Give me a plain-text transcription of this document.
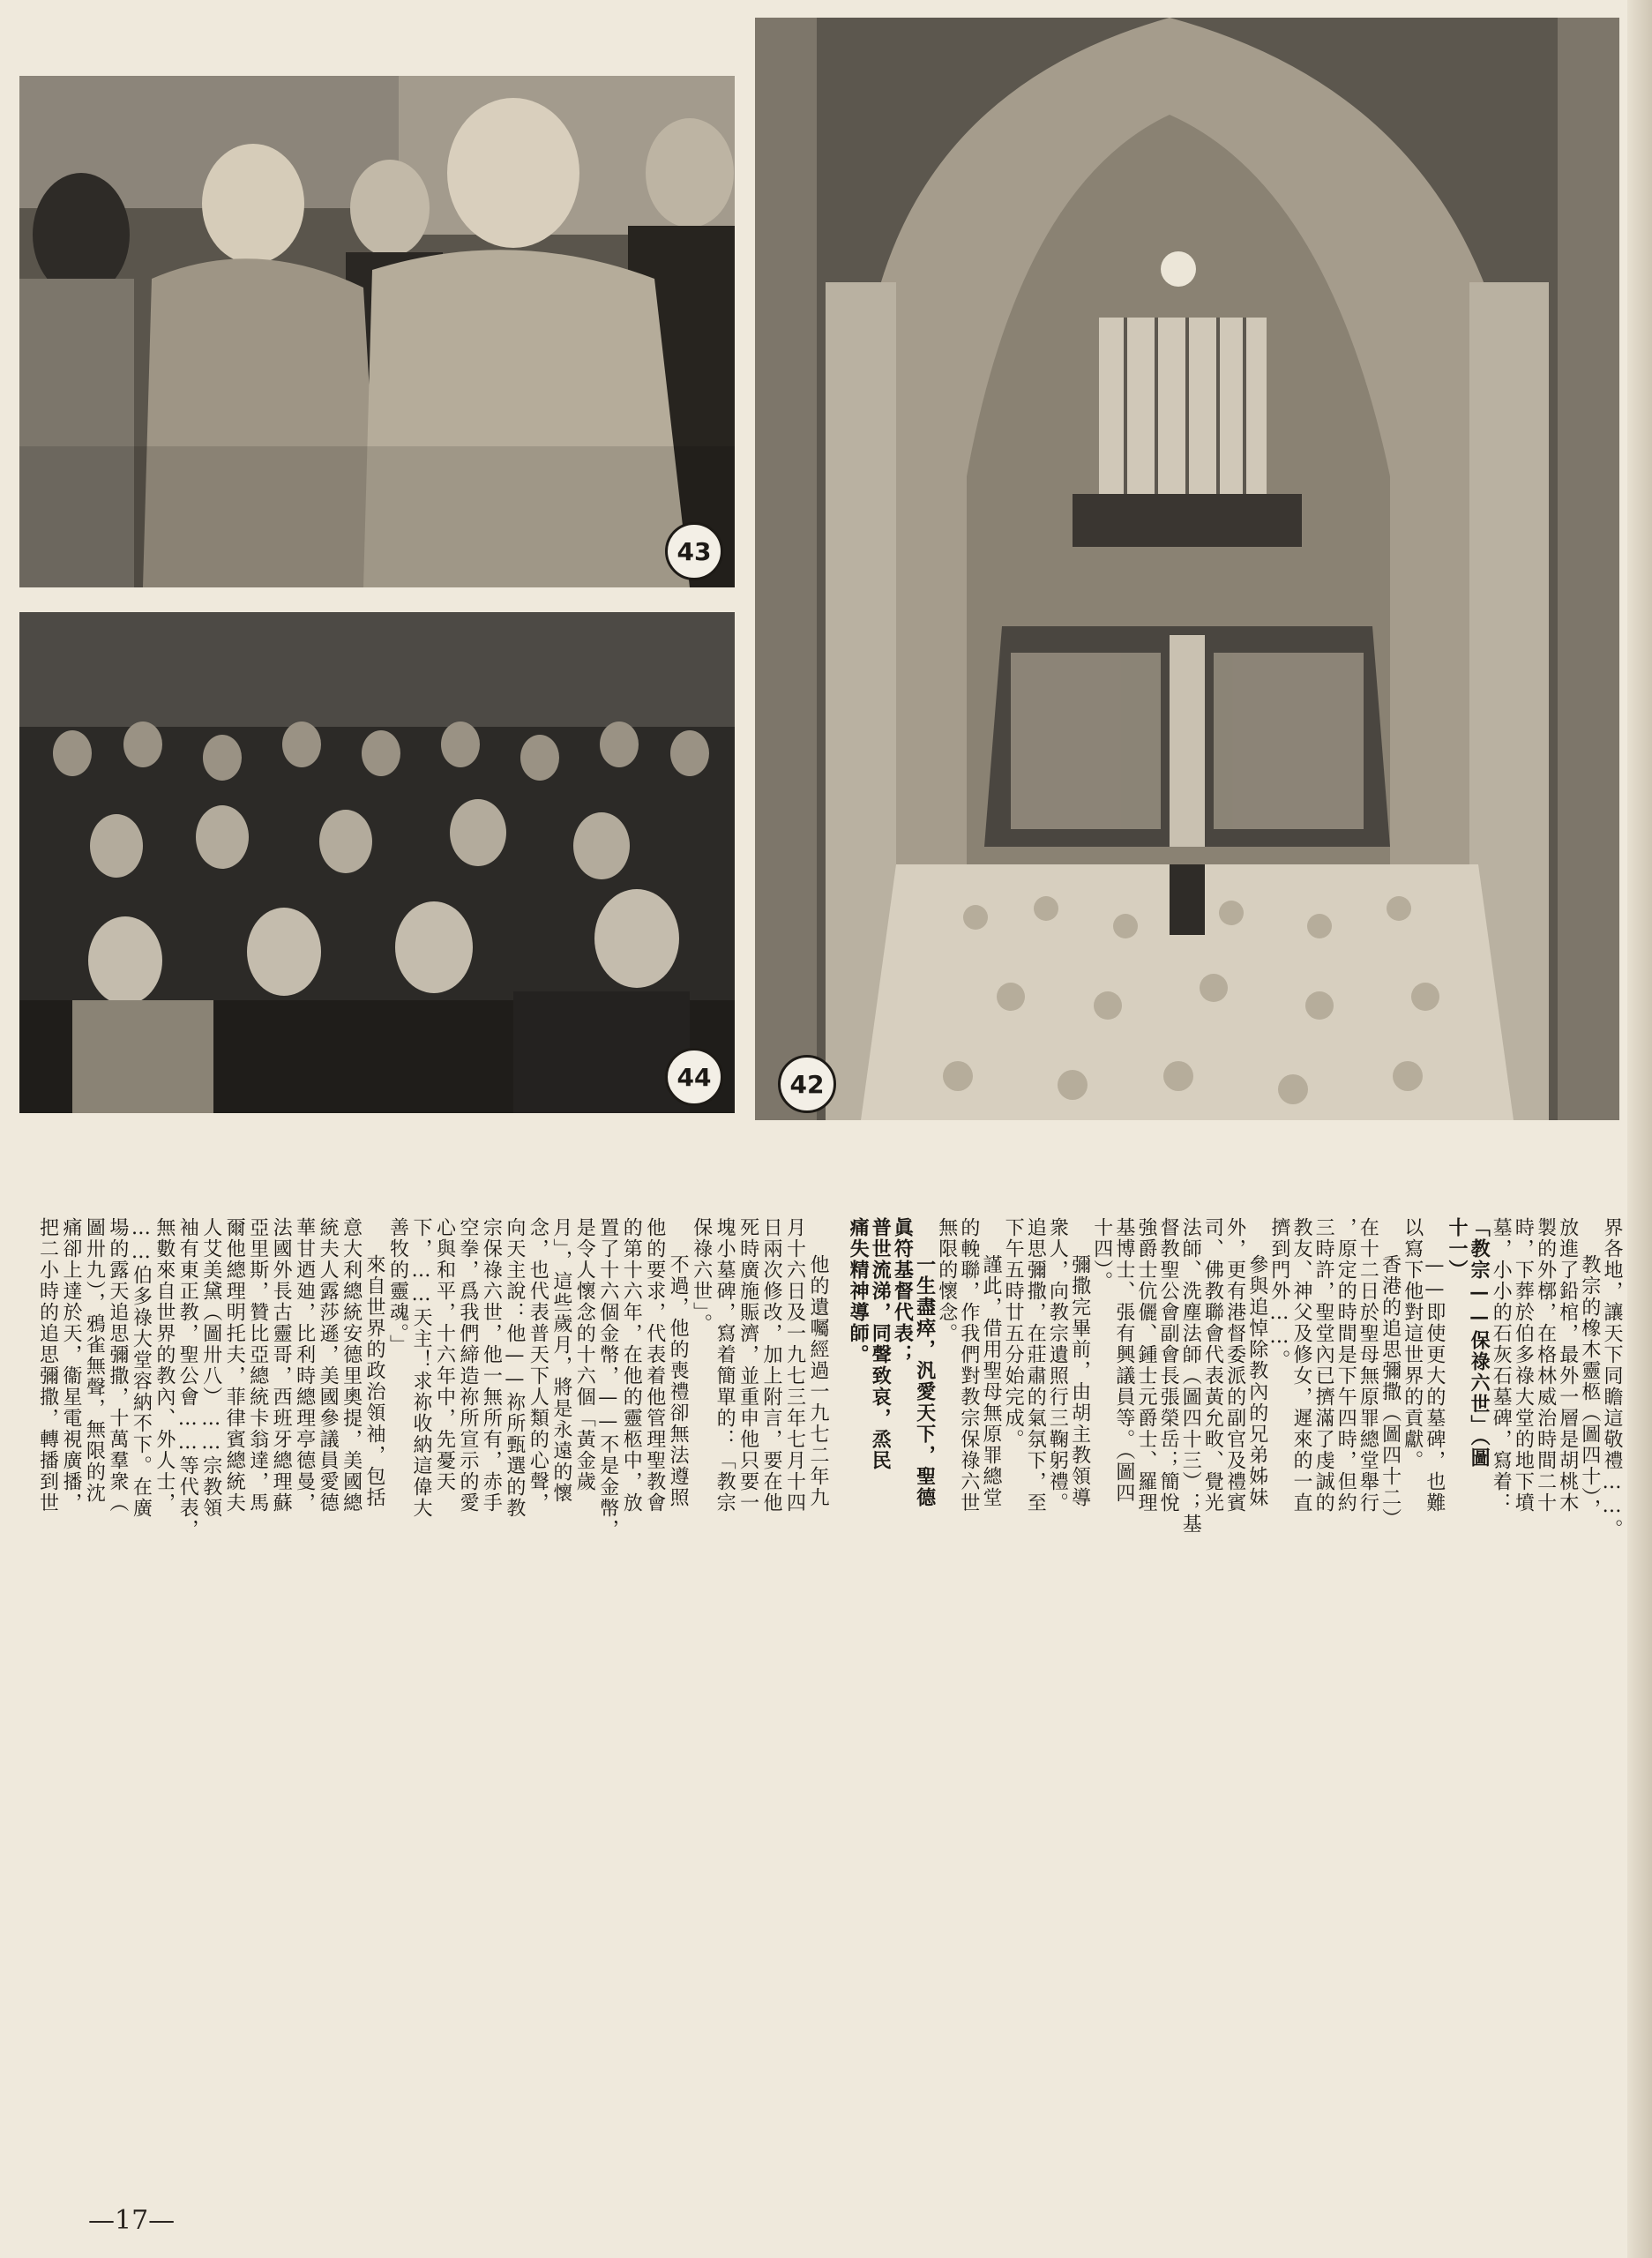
43
44	42
—17—
他的遺囑經過一九七二年九
月十六日及一九七三年七月十四
日兩次修改，加上附言，要在他
死時廣施賑濟，並重申他只要一
塊小墓碑，寫着簡單的：「教宗
保祿六世」。
不過，他的喪禮卻無法遵照
他的要求，代表着他管理聖教會
的第十六年，在他的靈柩中，放
置了十六個金幣，——不是金幣，
是令人懷念的十六個「黃金歲
月」，這些歲月，將是永遠的懷
念，也代表普天下人類的心聲，
向天主說：他——祢所甄選的教
宗保祿六世，他一無所有，赤手
空拳，爲我們締造祢所宣示的愛
心與和平，十六年中，先憂天
下，……天主！求祢收納這偉大
善牧的靈魂。」
來自世界的政治領袖，包括
意大利總統安德里奧提，美國總
統夫人露莎遜，美國參議員愛德
華甘迺廸，比利時總理亭德曼，
法國外長古靈哥，西班牙總理蘇
亞里斯，贊比亞總統卡翁達，馬
爾他總理明托夫，菲律賓總統夫
人艾美黛（圖卅八）……宗教領
袖有東正教，聖公會……等代表，
無數來自世界的教內、外人士，
……伯多祿大堂容納不下。在廣
場的露天追思彌撒，十萬羣衆（
圖卅九），鴉雀無聲，無限的沈
痛卻上達於天，衞星電視廣播，
把二小時的追思彌撒，轉播到世	界各地，讓天下同瞻這敬禮……。
教宗的橡木靈柩（圖四十），
放進了鉛棺，最外一層是胡桃木
製的外槨，在格林威治時間二十
時，下葬於伯多祿大堂的地下墳
墓，小小的石灰石墓碑，寫着：
「教宗——保祿六世」（圖
十一）
——即使更大的墓碑，也難
以寫下他對這世界的貢獻。
香港的追思彌撒（圖四十二）
在十二日於聖母無原罪總堂舉行
，原定的時間是下午四時，但約
三時許，聖堂內已擠滿了虔誠的
教友、神父及修女，遲來的一直
擠到門外……。
參與追悼除教內的兄弟姊妹
外，更有港督委派的副官及禮賓
司、佛教聯會代表黃允畋、覺光
法師、洗塵法師（圖四十三）；基
督教聖公會副會長張榮岳；簡悅
強爵士伉儷、鍾士元爵士、羅理
基博士、張有興議員等。（圖四
十四）。
彌撒完畢前，由胡主教領導
衆人，向教宗遺照行三鞠躬禮。
追思彌撒，在莊肅的氣氛下，至
下午五時廿五分始完成。
謹此，借用聖母無原罪總堂
的輓聯，作我們對教宗保祿六世
無限的懷念。
一生盡瘁，汎愛天下，聖德
眞符基督代表；
普世流涕，同聲致哀，烝民
痛失精神導師。
